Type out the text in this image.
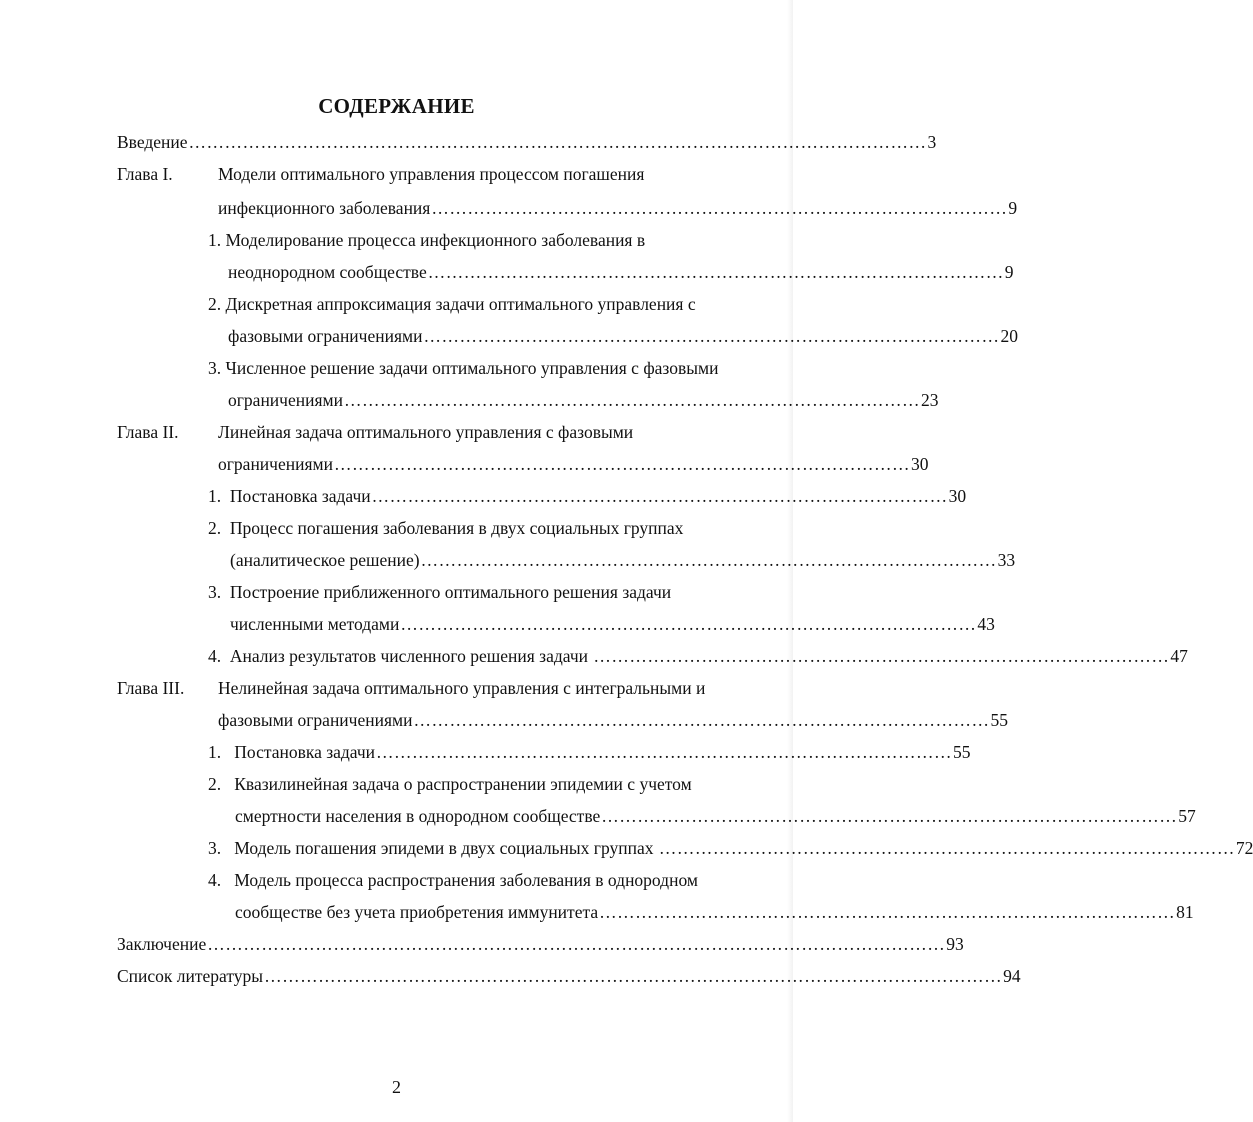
СОДЕРЖАНИЕ
Введение …………………………………………………………………………………………………………… 3
Глава I.	Модели оптимального управления процессом погашения
инфекционного заболевания …………………………………………………………………………………… 9
1. Моделирование процесса инфекционного заболевания в
неоднородном сообществе …………………………………………………………………………………… 9
2. Дискретная аппроксимация задачи оптимального управления с
фазовыми ограничениями …………………………………………………………………………………… 20
3. Численное решение задачи оптимального управления с фазовыми
ограничениями …………………………………………………………………………………… 23
Глава II. Линейная задача оптимального управления с фазовыми
ограничениями …………………………………………………………………………………… 30
1. Постановка задачи …………………………………………………………………………………… 30
2. Процесс погашения заболевания в двух социальных группах
(аналитическое решение) …………………………………………………………………………………… 33
3. Построение приближенного оптимального решения задачи
численными методами …………………………………………………………………………………… 43
4. Анализ результатов численного решения задачи …………………………………………………………………………………… 47
Глава III. Нелинейная задача оптимального управления с интегральными и
фазовыми ограничениями …………………………………………………………………………………… 55
1. Постановка задачи …………………………………………………………………………………… 55
2. Квазилинейная задача о распространении эпидемии с учетом
смертности населения в однородном сообществе …………………………………………………………………………………… 57
3. Модель погашения эпидеми в двух социальных группах …………………………………………………………………………………… 72
4. Модель процесса распространения заболевания в однородном
сообществе без учета приобретения иммунитета …………………………………………………………………………………… 81
Заключение …………………………………………………………………………………………………………… 93
Список литературы …………………………………………………………………………………………………………… 94
2
